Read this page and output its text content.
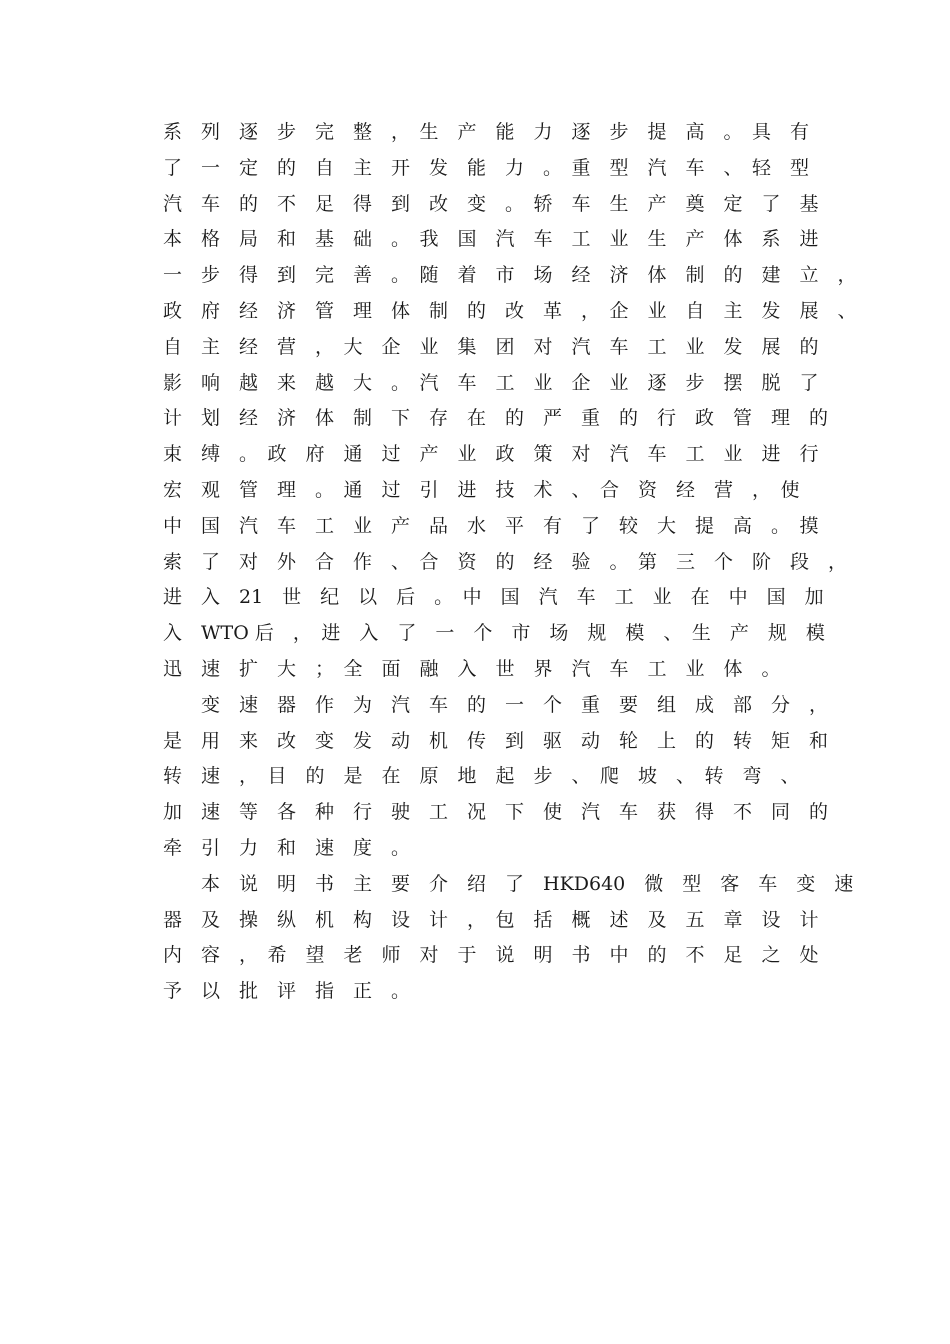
系　列　逐　步　完　整　，　生　产　能　力　逐　步　提　高　。　具　有
了　一　定　的　自　主　开　发　能　力　。　重　型　汽　车　、　轻　型
汽　车　的　不　足　得　到　改　变　。　轿　车　生　产　奠　定　了　基
本　格　局　和　基　础　。　我　国　汽　车　工　业　生　产　体　系　进
一　步　得　到　完　善　。　随　着　市　场　经　济　体　制　的　建　立　，
政　府　经　济　管　理　体　制　的　改　革　，　企　业　自　主　发　展　、
自　主　经　营　，　大　企　业　集　团　对　汽　车　工　业　发　展　的
影　响　越　来　越　大　。　汽　车　工　业　企　业　逐　步　摆　脱　了
计　划　经　济　体　制　下　存　在　的　严　重　的　行　政　管　理　的
束　缚　。　政　府　通　过　产　业　政　策　对　汽　车　工　业　进　行
宏　观　管　理　。　通　过　引　进　技　术　、　合　资　经　营　，　使
中　国　汽　车　工　业　产　品　水　平　有　了　较　大　提　高　。　摸
索　了　对　外　合　作　、　合　资　的　经　验　。　第　三　个　阶　段　，
进　入　21　世　纪　以　后　。　中　国　汽　车　工　业　在　中　国　加
入　WTO 后　，　进　入　了　一　个　市　场　规　模　、　生　产　规　模
迅　速　扩　大　；　全　面　融　入　世　界　汽　车　工　业　体　。
　　变　速　器　作　为　汽　车　的　一　个　重　要　组　成　部　分　，
是　用　来　改　变　发　动　机　传　到　驱　动　轮　上　的　转　矩　和
转　速　，　目　的　是　在　原　地　起　步　、　爬　坡　、　转　弯　、
加　速　等　各　种　行　驶　工　况　下　使　汽　车　获　得　不　同　的
牵　引　力　和　速　度　。
　　本　说　明　书　主　要　介　绍　了　HKD640　微　型　客　车　变　速
器　及　操　纵　机　构　设　计　，　包　括　概　述　及　五　章　设　计
内　容　，　希　望　老　师　对　于　说　明　书　中　的　不　足　之　处
予　以　批　评　指　正　。
